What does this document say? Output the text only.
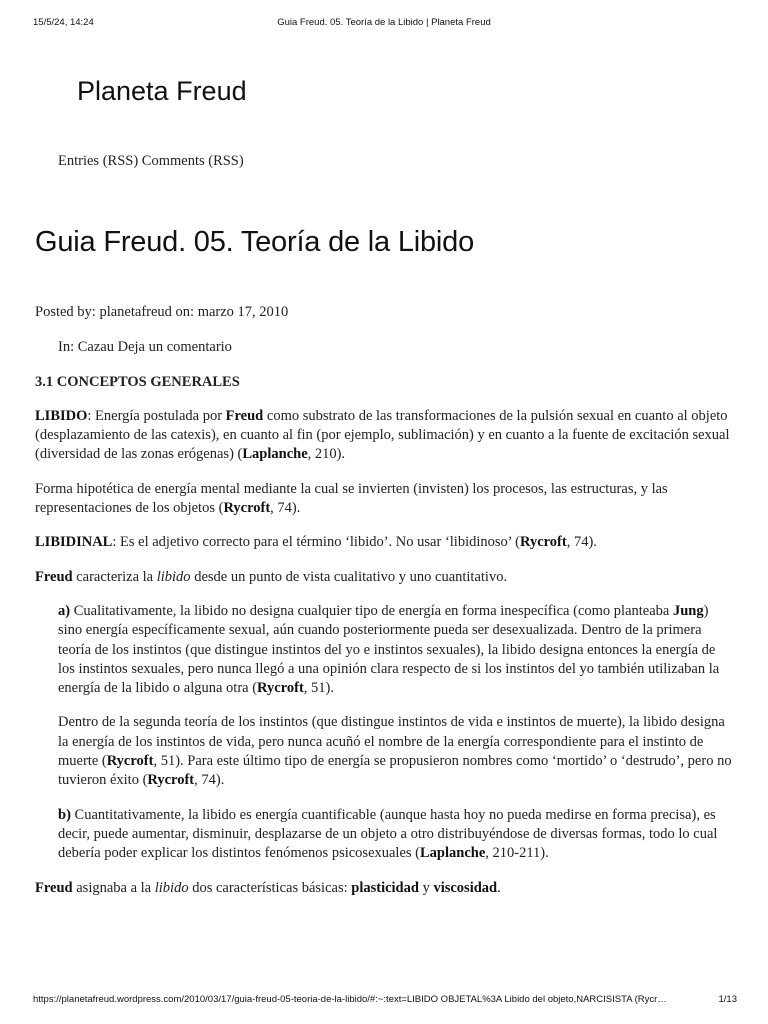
15/5/24, 14:24	Guia Freud. 05. Teoría de la Libido | Planeta Freud
Planeta Freud
Entries (RSS) Comments (RSS)
Guia Freud. 05. Teoría de la Libido

Posted by: planetafreud on: marzo 17, 2010

In: Cazau Deja un comentario

3.1 CONCEPTOS GENERALES

LIBIDO: Energía postulada por Freud como substrato de las transformaciones de la pulsión sexual en cuanto al objeto (desplazamiento de las catexis), en cuanto al fin (por ejemplo, sublimación) y en cuanto a la fuente de excitación sexual (diversidad de las zonas erógenas) (Laplanche, 210).

Forma hipotética de energía mental mediante la cual se invierten (invisten) los procesos, las estructuras, y las representaciones de los objetos (Rycroft, 74).

LIBIDINAL: Es el adjetivo correcto para el término ‘libido’. No usar ‘libidinoso’ (Rycroft, 74).

Freud caracteriza la libido desde un punto de vista cualitativo y uno cuantitativo.

a) Cualitativamente, la libido no designa cualquier tipo de energía en forma inespecífica (como planteaba Jung) sino energía específicamente sexual, aún cuando posteriormente pueda ser desexualizada. Dentro de la primera teoría de los instintos (que distingue instintos del yo e instintos sexuales), la libido designa entonces la energía de los instintos sexuales, pero nunca llegó a una opinión clara respecto de si los instintos del yo también utilizaban la energía de la libido o alguna otra (Rycroft, 51).

Dentro de la segunda teoría de los instintos (que distingue instintos de vida e instintos de muerte), la libido designa la energía de los instintos de vida, pero nunca acuñó el nombre de la energía correspondiente para el instinto de muerte (Rycroft, 51). Para este último tipo de energía se propusieron nombres como ‘mortido’ o ‘destrudo’, pero no tuvieron éxito (Rycroft, 74).

b) Cuantitativamente, la libido es energía cuantificable (aunque hasta hoy no pueda medirse en forma precisa), es decir, puede aumentar, disminuir, desplazarse de un objeto a otro distribuyéndose de diversas formas, todo lo cual debería poder explicar los distintos fenómenos psicosexuales (Laplanche, 210-211).

Freud asignaba a la libido dos características básicas: plasticidad y viscosidad.

https://planetafreud.wordpress.com/2010/03/17/guia-freud-05-teoria-de-la-libido/#:~:text=LIBIDO OBJETAL%3A Libido del objeto,NARCISISTA (Rycr…	1/13
